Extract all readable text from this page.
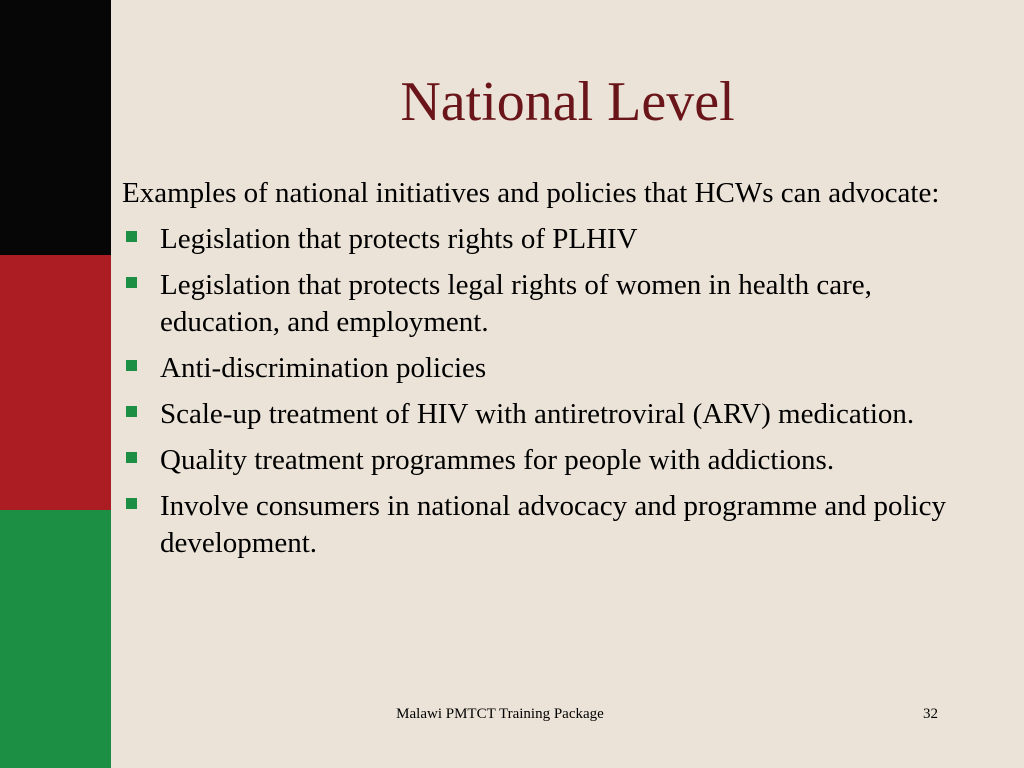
National Level

Examples of national initiatives and policies that HCWs can advocate:

Legislation that protects rights of PLHIV
Legislation that protects legal rights of women in health care, education, and employment.
Anti-discrimination policies
Scale-up treatment of HIV with antiretroviral (ARV) medication.
Quality treatment programmes for people with addictions.
Involve consumers in national advocacy and programme and policy development.
Malawi PMTCT Training Package	32
